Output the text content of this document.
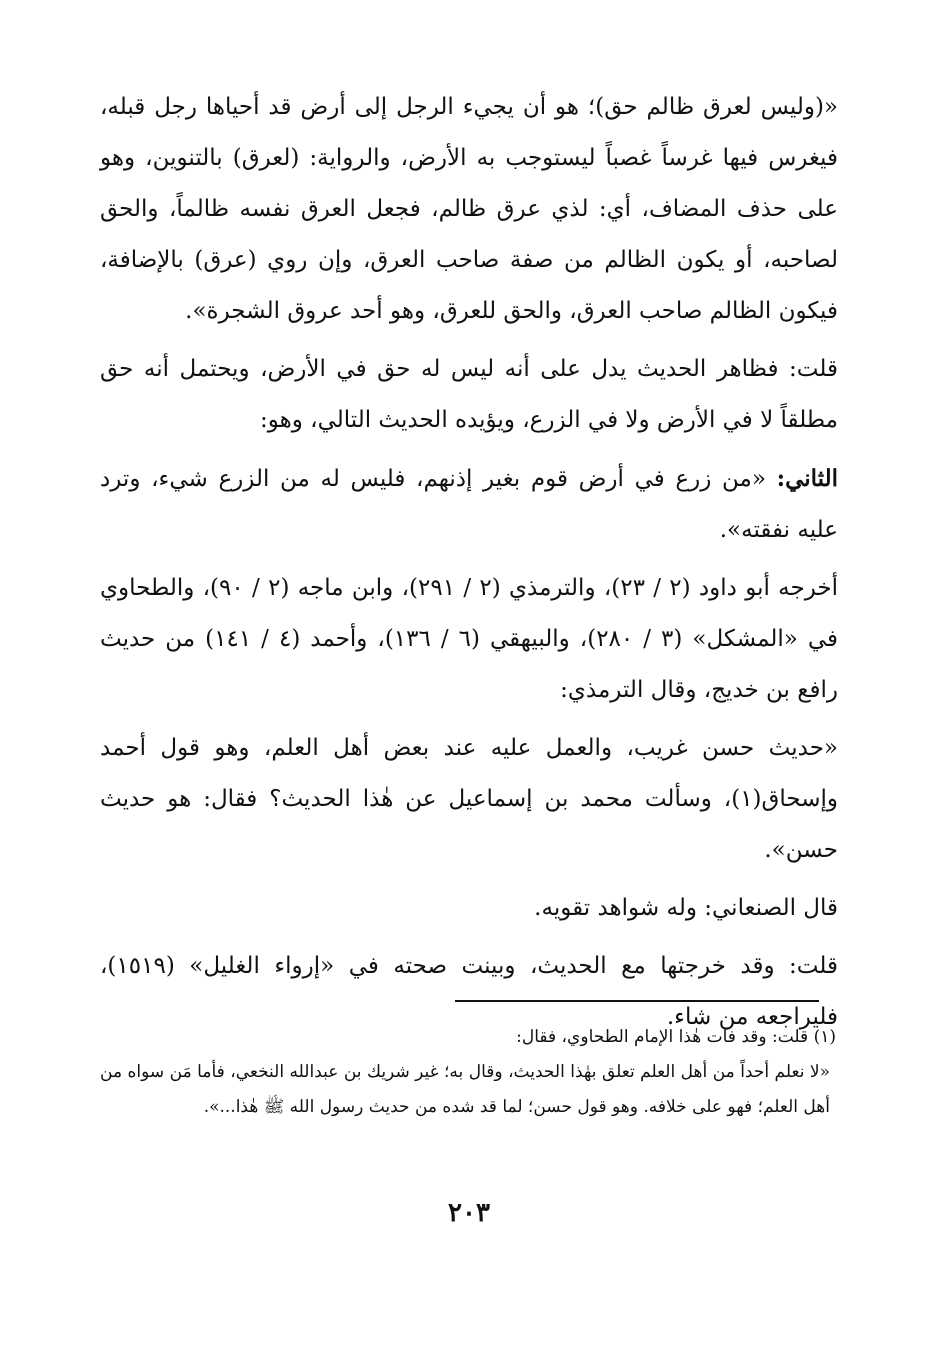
«(وليس لعرق ظالم حق)؛ هو أن يجيء الرجل إلى أرض قد أحياها رجل قبله، فيغرس فيها غرساً غصباً ليستوجب به الأرض، والرواية: (لعرق) بالتنوين، وهو على حذف المضاف، أي: لذي عرق ظالم، فجعل العرق نفسه ظالماً، والحق لصاحبه، أو يكون الظالم من صفة صاحب العرق، وإن روي (عرق) بالإضافة، فيكون الظالم صاحب العرق، والحق للعرق، وهو أحد عروق الشجرة».

قلت: فظاهر الحديث يدل على أنه ليس له حق في الأرض، ويحتمل أنه حق مطلقاً لا في الأرض ولا في الزرع، ويؤيده الحديث التالي، وهو:

الثاني: «من زرع في أرض قوم بغير إذنهم، فليس له من الزرع شيء، وترد عليه نفقته».

أخرجه أبو داود (٢ / ٢٣)، والترمذي (٢ / ٢٩١)، وابن ماجه (٢ / ٩٠)، والطحاوي في «المشكل» (٣ / ٢٨٠)، والبيهقي (٦ / ١٣٦)، وأحمد (٤ / ١٤١) من حديث رافع بن خديج، وقال الترمذي:

«حديث حسن غريب، والعمل عليه عند بعض أهل العلم، وهو قول أحمد وإسحاق(١)، وسألت محمد بن إسماعيل عن هٰذا الحديث؟ فقال: هو حديث حسن».

قال الصنعاني: وله شواهد تقويه.

قلت: وقد خرجتها مع الحديث، وبينت صحته في «إرواء الغليل» (١٥١٩)، فليراجعه من شاء.

(١) قلت: وقد فات هٰذا الإمام الطحاوي، فقال:

«لا نعلم أحداً من أهل العلم تعلق بهٰذا الحديث، وقال به؛ غير شريك بن عبدالله النخعي، فأما مَن سواه من أهل العلم؛ فهو على خلافه. وهو قول حسن؛ لما قد شده من حديث رسول الله ﷺ هٰذا...».

٢٠٣
